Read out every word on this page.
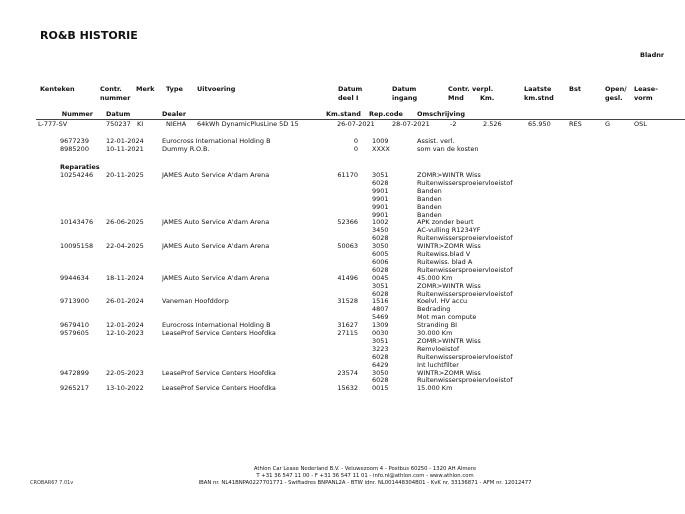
RO&B HISTORIE
Bladnr
Kenteken	Contr.
nummer
Merk Type Uitvoering	Datum
deel I
Datum
ingang
Contr. verpl.
Mnd	Km.
Laatste
km.stnd
Bst	Open/
gesl.
Lease-
vorm
Nummer Datum	Dealer	Km.stand Rep.code Omschrijving
L-777-SV	750237 KI	NIEHA 64kWh DynamicPlusLine 5D 15	26-07-2021	28-07-2021	-2	2.526	65.950	RES	G	OSL
9677239	12-01-2024	Eurocross International Holding B	0 1009	Assist. verl.
8985200	10-11-2021	Dummy R.O.B.	0 XXXX	som van de kosten
Reparaties
10254246 20-11-2025	JAMES Auto Service A'dam Arena	61170 3051	ZOMR>WINTR Wiss
6028	Ruitenwissersproeiervloeistof
9901	Banden
9901	Banden
9901	Banden
9901	Banden
10143476 26-06-2025	JAMES Auto Service A'dam Arena	52366 1002	APK zonder beurt
3450	AC-vulling R1234YF
6028	Ruitenwissersproeiervloeistof
10095158 22-04-2025	JAMES Auto Service A'dam Arena	50063 3050	WINTR>ZOMR Wiss
6005	Ruitewiss.blad V
6006	Ruitewiss. blad A
6028	Ruitenwissersproeiervloeistof
9944634	18-11-2024	JAMES Auto Service A'dam Arena	41496 0045	45.000 Km
3051	ZOMR>WINTR Wiss
6028	Ruitenwissersproeiervloeistof
9713900	26-01-2024	Vaneman Hoofddorp	31528 1516	Koelvl. HV accu
4807	Bedrading
5469	Mot man compute
9679410	12-01-2024	Eurocross International Holding B	31627 1309	Stranding BI
9579605	12-10-2023	LeaseProf Service Centers Hoofdka	27115 0030	30.000 Km
3051	ZOMR>WINTR Wiss
3223	Remvloeistof
6028	Ruitenwissersproeiervloeistof
6429	Int luchtfilter
9472899	22-05-2023	LeaseProf Service Centers Hoofdka	23574 3050	WINTR>ZOMR Wiss
6028	Ruitenwissersproeiervloeistof
9265217	13-10-2022	LeaseProf Service Centers Hoofdka	15632 0015	15.000 Km
Athlon Car Lease Nederland B.V. - Veluwezoom 4 - Postbus 60250 - 1320 AH Almere
T +31 36 547 11 00 - F +31 36 547 11 01 - info.nl@athlon.com - www.athlon.com
IBAN nr. NL41BNPA0227701771 - Swiftadres BNPANL2A - BTW idnr. NL001448304B01 - KvK nr. 33136871 - AFM nr. 12012477
CROBAR67 7.01v
